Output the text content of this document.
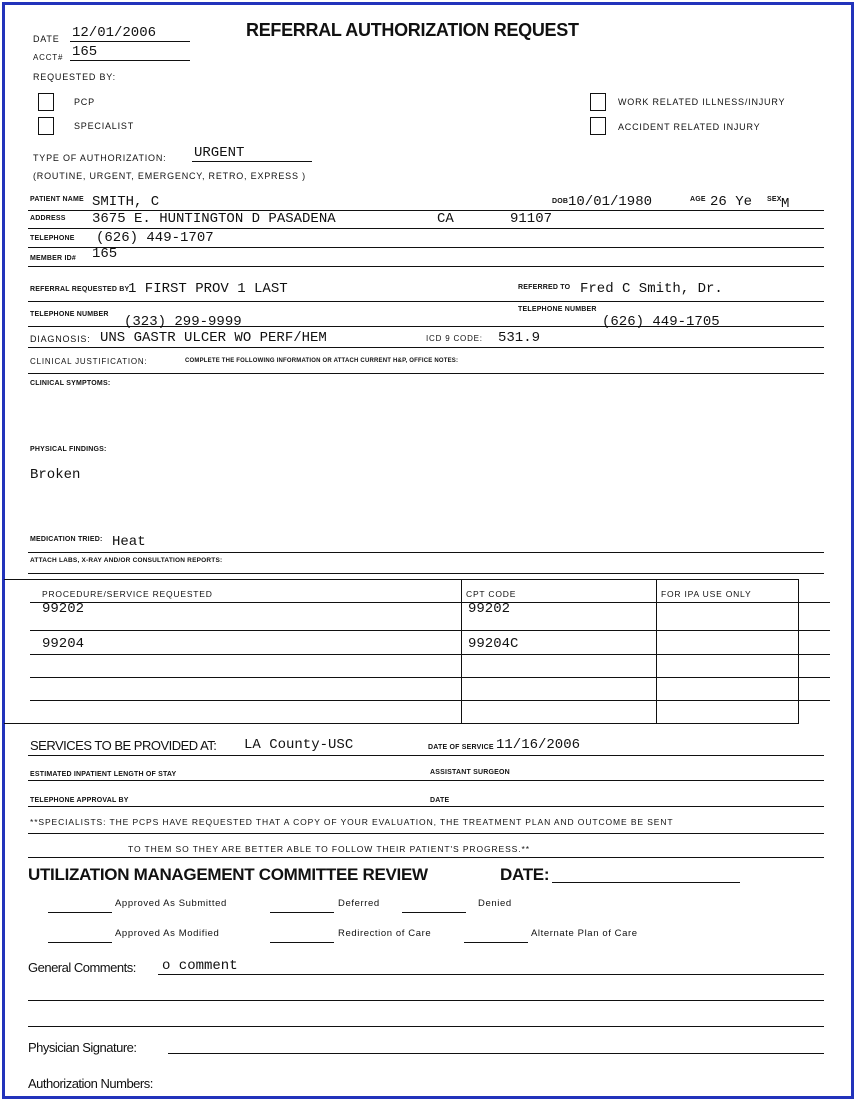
DATE 12/01/2006
ACCT# 165
REFERRAL AUTHORIZATION REQUEST
REQUESTED BY:
PCP
SPECIALIST
WORK RELATED ILLNESS/INJURY
ACCIDENT RELATED INJURY
TYPE OF AUTHORIZATION: URGENT
(ROUTINE, URGENT, EMERGENCY, RETRO, EXPRESS )
PATIENT NAME SMITH, C	DOB 10/01/1980	AGE 26 Ye SEX M
ADDRESS 3675 E. HUNTINGTON D PASADENA	CA	91107
TELEPHONE (626) 449-1707
MEMBER ID# 165
REFERRAL REQUESTED BY
1 FIRST PROV 1 LAST	REFERRED TO Fred C Smith, Dr.
TELEPHONE NUMBER (323) 299-9999
TELEPHONE NUMBER
(626) 449-1705
DIAGNOSIS: UNS GASTR ULCER WO PERF/HEM	ICD 9 CODE: 531.9
CLINICAL JUSTIFICATION:	COMPLETE THE FOLLOWING INFORMATION OR ATTACH CURRENT H&P, OFFICE NOTES:
CLINICAL SYMPTOMS:
PHYSICAL FINDINGS:
Broken
MEDICATION TRIED: Heat
ATTACH LABS, X-RAY AND/OR CONSULTATION REPORTS:
PROCEDURE/SERVICE REQUESTED	CPT CODE	FOR IPA USE ONLY
99202	99202
99204	99204C
SERVICES TO BE PROVIDED AT: LA County-USC	DATE OF SERVICE 11/16/2006
ESTIMATED INPATIENT LENGTH OF STAY	ASSISTANT SURGEON
TELEPHONE APPROVAL BY	DATE
**SPECIALISTS: THE PCPS HAVE REQUESTED THAT A COPY OF YOUR EVALUATION, THE TREATMENT PLAN AND OUTCOME BE SENT
TO THEM SO THEY ARE BETTER ABLE TO FOLLOW THEIR PATIENT'S PROGRESS.**
UTILIZATION MANAGEMENT COMMITTEE REVIEW	DATE:
Approved As Submitted	Deferred	Denied
Approved As Modified	Redirection of Care	Alternate Plan of Care
General Comments: o comment
Physician Signature:
Authorization Numbers:
